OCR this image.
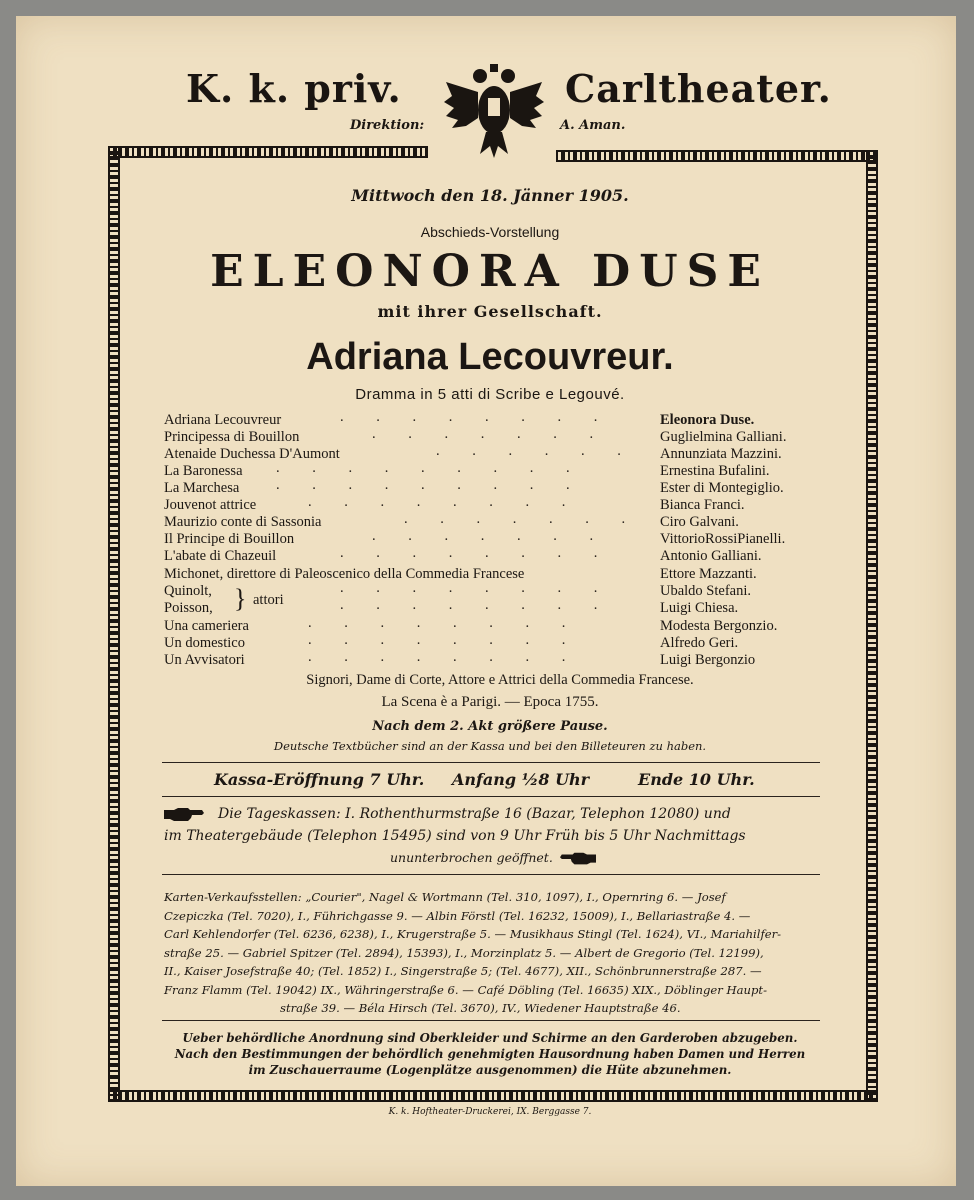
K. k. priv.	Carltheater.
Direktion:	A. Aman.
Mittwoch den 18. Jänner 1905.
Abschieds-Vorstellung
ELEONORA DUSE
mit ihrer Gesellschaft.
Adriana Lecouvreur.
Dramma in 5 atti di Scribe e Legouvé.
Adriana Lecouvreur	.         .         .         .         .         .         .         .	Eleonora Duse.
Principessa di Bouillon	.         .         .         .         .         .         .	Guglielmina Galliani.
Atenaide Duchessa D'Aumont	.         .         .         .         .         .	Annunziata Mazzini.
La Baronessa .         .         .         .         .         .         .         .         .	Ernestina Bufalini.
La Marchesa	.         .         .         .         .         .         .         .         .	Ester di Montegiglio.
Jouvenot attrice	.         .         .         .         .         .         .         .	Bianca Franci.
Maurizio conte di Sassonia	.         .         .         .         .         .         . Ciro Galvani.
Il Principe di Bouillon	.         .         .         .         .         .         .	VittorioRossiPianelli.
L'abate di Chazeuil	.         .         .         .         .         .         .         .	Antonio Galliani.
Michonet, direttore di Paleoscenico della Commedia Francese	Ettore Mazzanti.
Quinolt,	.         .         .         .         .         .         .         .	Ubaldo Stefani.
Poisson,	.         .         .         .         .         .         .         .	Luigi Chiesa.
} attori
Una cameriera	.         .         .         .         .         .         .         .	Modesta Bergonzio.
Un domestico	.         .         .         .         .         .         .         .	Alfredo Geri.
Un Avvisatori	.         .         .         .         .         .         .         .	Luigi Bergonzio
Signori, Dame di Corte, Attore e Attrici della Commedia Francese.
La Scena è a Parigi. — Epoca 1755.
Nach dem 2. Akt größere Pause.
Deutsche Textbücher sind an der Kassa und bei den Billeteuren zu haben.
Kassa-Eröffnung 7 Uhr. Anfang ½8 Uhr	Ende 10 Uhr.
Die Tageskassen: I. Rothenthurmstraße 16 (Bazar, Telephon 12080) und
im Theatergebäude (Telephon 15495) sind von 9 Uhr Früh bis 5 Uhr Nachmittags
ununterbrochen geöffnet.

Karten-Verkaufsstellen: „Courier", Nagel & Wortmann (Tel. 310, 1097), I., Opernring 6. — Josef

Czepiczka (Tel. 7020), I., Führichgasse 9. — Albin Förstl (Tel. 16232, 15009), I., Bellariastraße 4. —

Carl Kehlendorfer (Tel. 6236, 6238), I., Krugerstraße 5. — Musikhaus Stingl (Tel. 1624), VI., Mariahilfer-

straße 25. — Gabriel Spitzer (Tel. 2894), 15393), I., Morzinplatz 5. — Albert de Gregorio (Tel. 12199),

II., Kaiser Josefstraße 40; (Tel. 1852) I., Singerstraße 5; (Tel. 4677), XII., Schönbrunnerstraße 287. —

Franz Flamm (Tel. 19042) IX., Währingerstraße 6. — Café Döbling (Tel. 16635) XIX., Döblinger Haupt-

straße 39. — Béla Hirsch (Tel. 3670), IV., Wiedener Hauptstraße 46.

Ueber behördliche Anordnung sind Oberkleider und Schirme an den Garderoben abzugeben.
Nach den Bestimmungen der behördlich genehmigten Hausordnung haben Damen und Herren
im Zuschauerraume (Logenplätze ausgenommen) die Hüte abzunehmen.
K. k. Hoftheater-Druckerei, IX. Berggasse 7.
